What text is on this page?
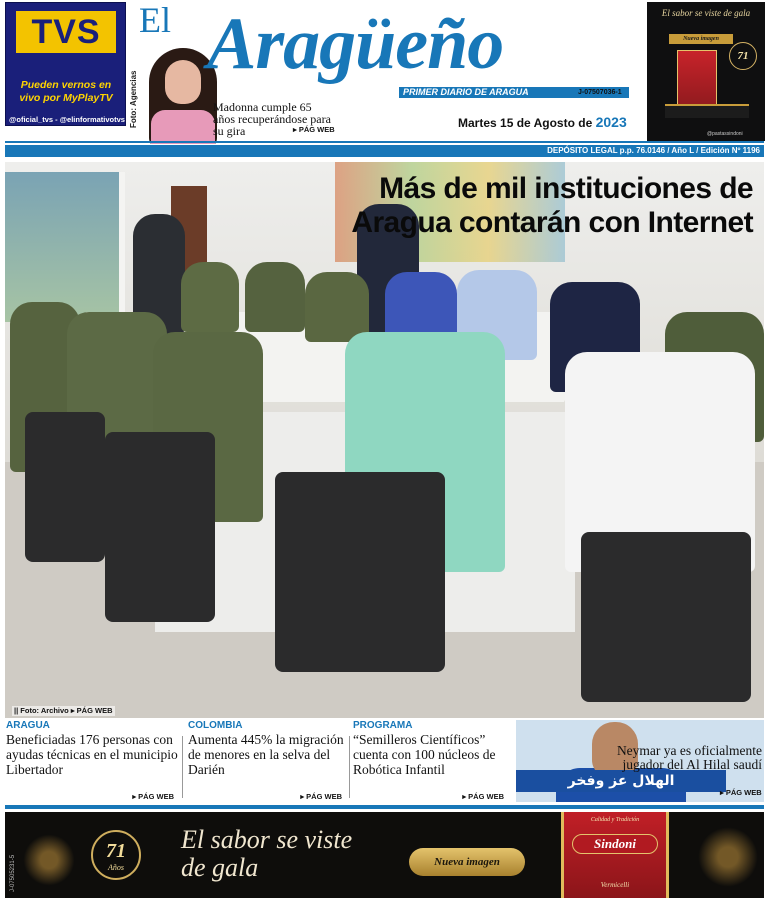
TVS
Pueden vernos en vivo por MyPlayTV
@oficial_tvs - @elinformativotvs Foto: Agencias
El Aragüeño
PRIMER DIARIO DE ARAGUA	J-07507036-1
Madonna cumple 65 años recuperándose para su gira	▸ PÁG WEB	Martes 15 de Agosto de 2023
El sabor se viste de gala
Nueva imagen
71
@pastassindoni
DEPÓSITO LEGAL p.p. 76.0146 / Año L / Edición Nº 1196
Más de mil instituciones de Aragua contarán con Internet
|| Foto: Archivo ▸ PÁG WEB
ARAGUA
Beneficiadas 176 personas con ayudas técnicas en el municipio Libertador
▸ PÁG WEB
COLOMBIA
Aumenta 445% la migración de menores en la selva del Darién
▸ PÁG WEB
PROGRAMA
“Semilleros Científicos” cuenta con 100 núcleos de Robótica Infantil
▸ PÁG WEB
الهلال عز وفخر
Neymar ya es oficialmente jugador del Al Hilal saudí
▸ PÁG WEB
71
Años
El sabor se viste de gala	Nueva imagen
Calidad y Tradición
Sindoni
Vermicelli
J-07505231-5
